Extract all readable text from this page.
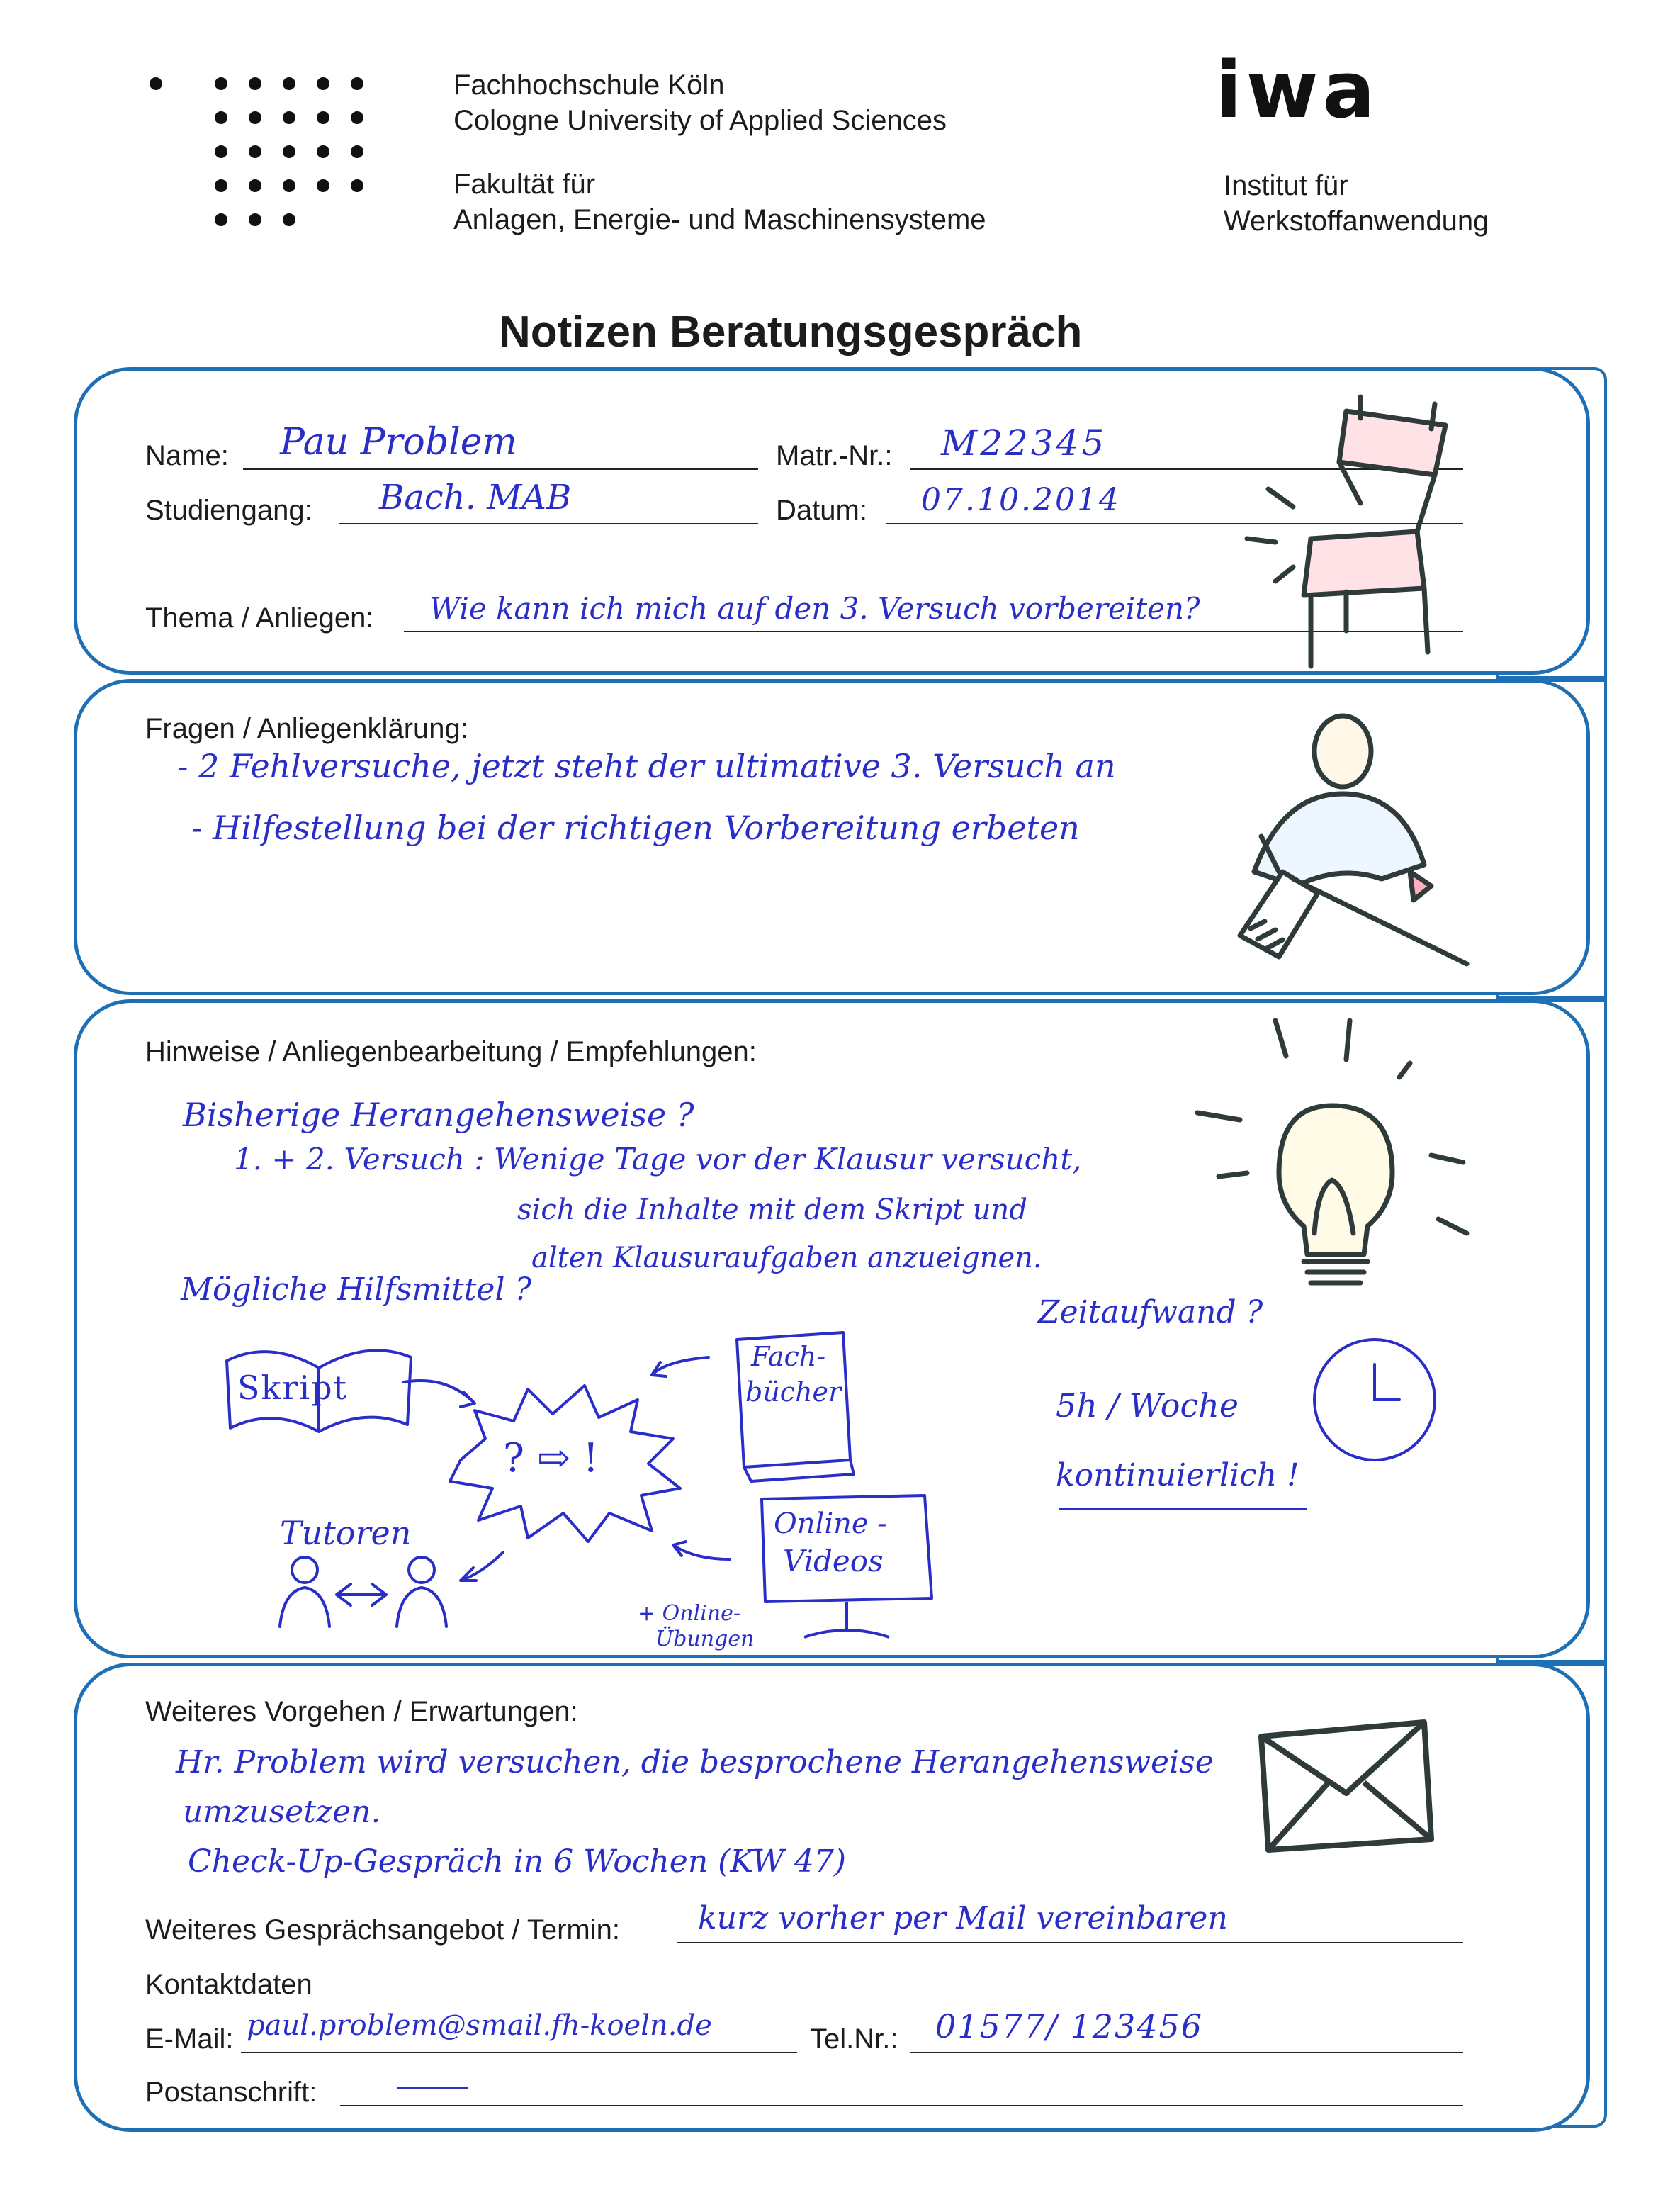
Fachhochschule Köln
Cologne University of Applied Sciences
Fakultät für
Anlagen, Energie- und Maschinensysteme
iwa
Institut für
Werkstoffanwendung
Notizen Beratungsgespräch
Name: Pau Problem	Matr.-Nr.: M22345
Studiengang: Bach. MAB	Datum: 07.10.2014
Thema / Anliegen: Wie kann ich mich auf den 3. Versuch vorbereiten?
Fragen / Anliegenklärung:
- 2 Fehlversuche, jetzt steht der ultimative 3. Versuch an
- Hilfestellung bei der richtigen Vorbereitung erbeten
Hinweise / Anliegenbearbeitung / Empfehlungen:
Bisherige Herangehensweise ?
1. + 2. Versuch : Wenige Tage vor der Klausur versucht,
sich die Inhalte mit dem Skript und
alten Klausuraufgaben anzueignen.
Mögliche Hilfsmittel ?
Skript
Fach-
bücher
? ⇨ !
Tutoren	Online -
Videos
+ Online-
Übungen
Zeitaufwand ?
5h / Woche
kontinuierlich !
Weiteres Vorgehen / Erwartungen:
Hr. Problem wird versuchen, die besprochene Herangehensweise
umzusetzen.
Check-Up-Gespräch in 6 Wochen (KW 47)
Weiteres Gesprächsangebot / Termin:	kurz vorher per Mail vereinbaren
Kontaktdaten
E-Mail: paul.problem@smail.fh-koeln.de	Tel.Nr.: 01577/ 123456
Postanschrift:
